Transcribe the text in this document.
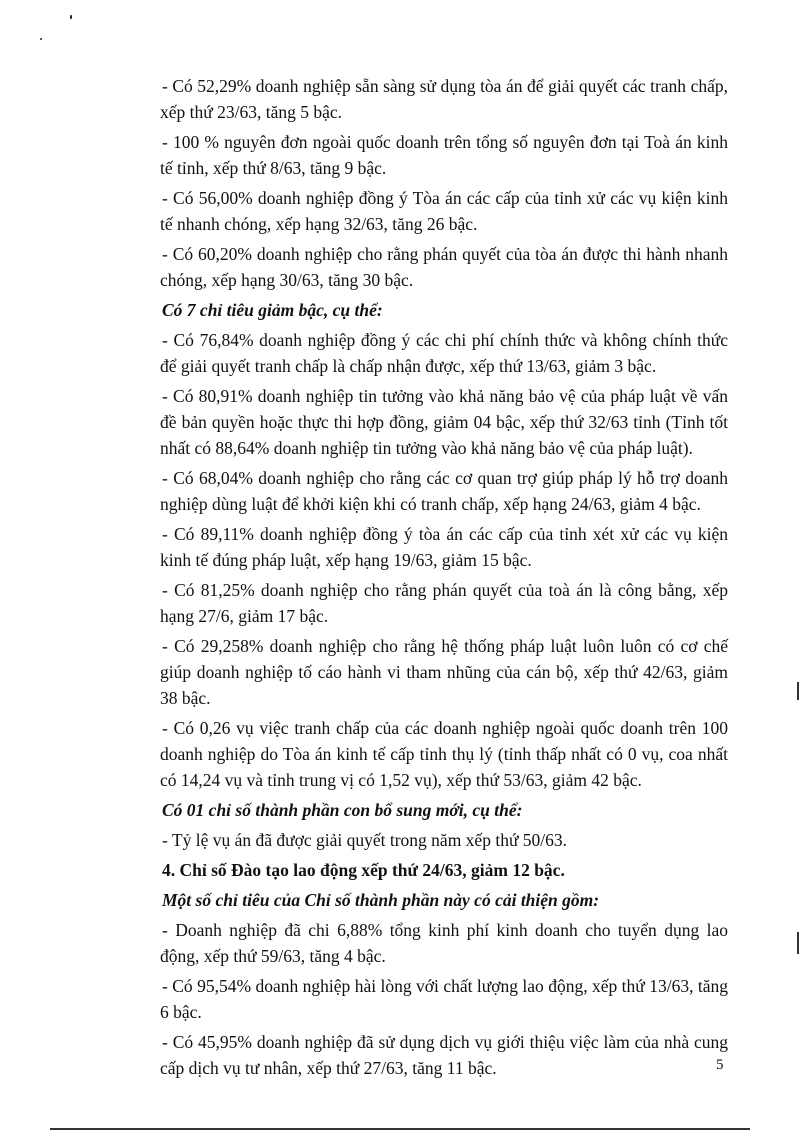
- Có 52,29% doanh nghiệp sẵn sàng sử dụng tòa án để giải quyết các tranh chấp, xếp thứ 23/63, tăng 5 bậc.

- 100 % nguyên đơn ngoài quốc doanh trên tổng số nguyên đơn tại Toà án kinh tế tỉnh, xếp thứ 8/63, tăng 9 bậc.

- Có 56,00% doanh nghiệp đồng ý Tòa án các cấp của tỉnh xử các vụ kiện kinh tế nhanh chóng, xếp hạng 32/63, tăng 26 bậc.

- Có 60,20% doanh nghiệp cho rằng phán quyết của tòa án được thi hành nhanh chóng, xếp hạng 30/63, tăng 30 bậc.

Có 7 chỉ tiêu giảm bậc, cụ thể:

- Có 76,84% doanh nghiệp đồng ý các chi phí chính thức và không chính thức để giải quyết tranh chấp là chấp nhận được, xếp thứ 13/63, giảm 3 bậc.

- Có 80,91% doanh nghiệp tin tưởng vào khả năng bảo vệ của pháp luật về vấn đề bản quyền hoặc thực thi hợp đồng, giảm 04 bậc, xếp thứ 32/63 tỉnh (Tỉnh tốt nhất có 88,64% doanh nghiệp tin tưởng vào khả năng bảo vệ của pháp luật).

- Có 68,04% doanh nghiệp cho rằng các cơ quan trợ giúp pháp lý hỗ trợ doanh nghiệp dùng luật để khởi kiện khi có tranh chấp, xếp hạng 24/63, giảm 4 bậc.

- Có 89,11% doanh nghiệp đồng ý tòa án các cấp của tỉnh xét xử các vụ kiện kinh tế đúng pháp luật, xếp hạng 19/63, giảm 15 bậc.

- Có 81,25% doanh nghiệp cho rằng phán quyết của toà án là công bằng, xếp hạng 27/6, giảm 17 bậc.

- Có 29,258% doanh nghiệp cho rằng hệ thống pháp luật luôn luôn có cơ chế giúp doanh nghiệp tố cáo hành vi tham nhũng của cán bộ, xếp thứ 42/63, giảm 38 bậc.

- Có 0,26 vụ việc tranh chấp của các doanh nghiệp ngoài quốc doanh trên 100 doanh nghiệp do Tòa án kinh tế cấp tỉnh thụ lý (tỉnh thấp nhất có 0 vụ, coa nhất có 14,24 vụ và tỉnh trung vị có 1,52 vụ), xếp thứ 53/63, giảm 42 bậc.

Có 01 chỉ số thành phần con bổ sung mới, cụ thể:

- Tỷ lệ vụ án đã được giải quyết trong năm xếp thứ 50/63.

4. Chỉ số Đào tạo lao động xếp thứ 24/63, giảm 12 bậc.

Một số chỉ tiêu của Chỉ số thành phần này có cải thiện gồm:

- Doanh nghiệp đã chi 6,88% tổng kinh phí kinh doanh cho tuyển dụng lao động, xếp thứ 59/63, tăng 4 bậc.

- Có 95,54% doanh nghiệp hài lòng với chất lượng lao động, xếp thứ 13/63, tăng 6 bậc.

- Có 45,95% doanh nghiệp đã sử dụng dịch vụ giới thiệu việc làm của nhà cung cấp dịch vụ tư nhân, xếp thứ 27/63, tăng 11 bậc.	5
